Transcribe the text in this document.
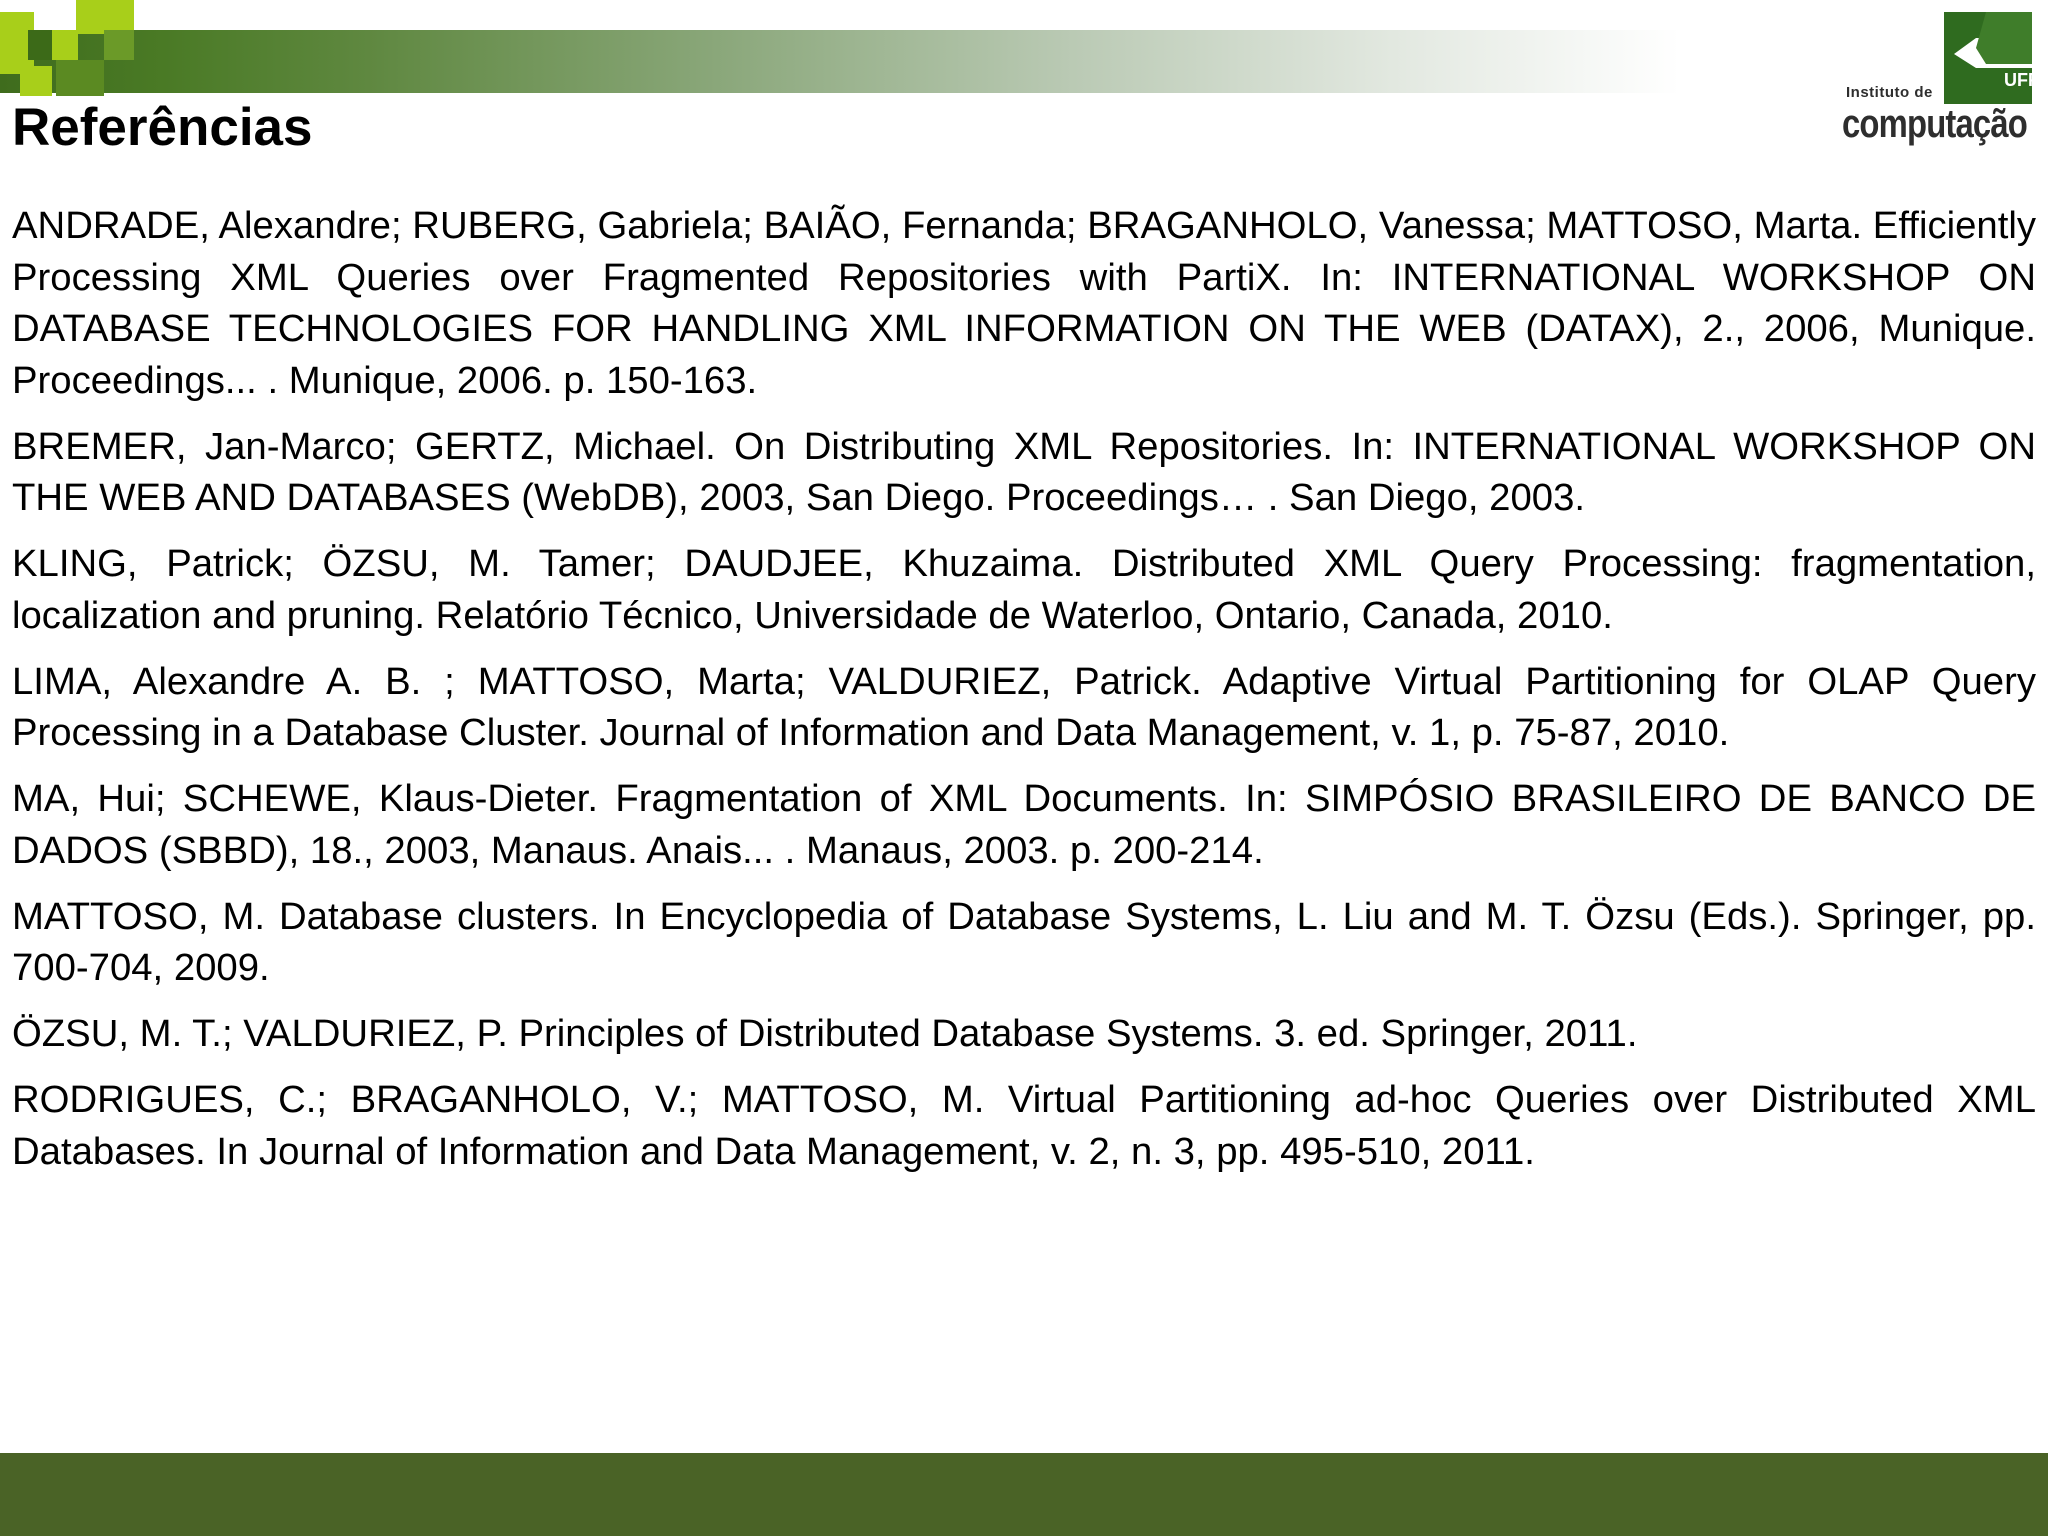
UFF
Instituto de
computação
Referências
ANDRADE, Alexandre; RUBERG, Gabriela; BAIÃO, Fernanda; BRAGANHOLO, Vanessa; MATTOSO, Marta. Efficiently Processing XML Queries over Fragmented Repositories with PartiX. In: INTERNATIONAL WORKSHOP ON DATABASE TECHNOLOGIES FOR HANDLING XML INFORMATION ON THE WEB (DATAX), 2., 2006, Munique. Proceedings... . Munique, 2006. p. 150-163.
BREMER, Jan-Marco; GERTZ, Michael. On Distributing XML Repositories. In: INTERNATIONAL WORKSHOP ON THE WEB AND DATABASES (WebDB), 2003, San Diego. Proceedings… . San Diego, 2003.
KLING, Patrick; ÖZSU, M. Tamer; DAUDJEE, Khuzaima. Distributed XML Query Processing: fragmentation, localization and pruning. Relatório Técnico, Universidade de Waterloo, Ontario, Canada, 2010.
LIMA, Alexandre A. B. ; MATTOSO, Marta; VALDURIEZ, Patrick. Adaptive Virtual Partitioning for OLAP Query Processing in a Database Cluster. Journal of Information and Data Management, v. 1, p. 75-87, 2010.
MA, Hui; SCHEWE, Klaus-Dieter. Fragmentation of XML Documents. In: SIMPÓSIO BRASILEIRO DE BANCO DE DADOS (SBBD), 18., 2003, Manaus. Anais... . Manaus, 2003. p. 200-214.
MATTOSO, M. Database clusters. In Encyclopedia of Database Systems, L. Liu and M. T. Özsu (Eds.). Springer, pp. 700-704, 2009.
ÖZSU, M. T.; VALDURIEZ, P. Principles of Distributed Database Systems. 3. ed. Springer, 2011.
RODRIGUES, C.; BRAGANHOLO, V.; MATTOSO, M. Virtual Partitioning ad-hoc Queries over Distributed XML Databases. In Journal of Information and Data Management, v. 2, n. 3, pp. 495-510, 2011.
